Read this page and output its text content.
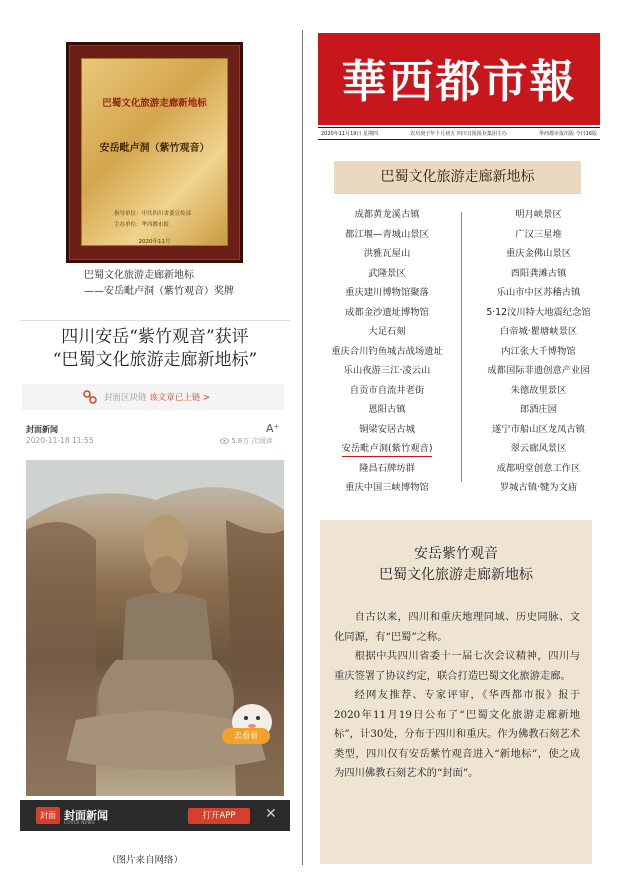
巴蜀文化旅游走廊新地标
安岳毗卢洞（紫竹观音）
指导单位：中共四川省委宣传部
主办单位：华西都市报
2020年11月
巴蜀文化旅游走廊新地标
——安岳毗卢洞（紫竹观音）奖牌
四川安岳“紫竹观音”获评
“巴蜀文化旅游走廊新地标”
封面区块链 该文章已上链 >
封面新闻
2020-11-18 11:55	5.8万 次阅读
A⁺
去看看
封面 封面新闻
COVER NEWS
打开APP	✕
（图片来自网络）
華西都市報
2020年11月19日 星期四	农历庚子年十月初五 四川日报报业集团主办	华西都市报出版 今日16版
巴蜀文化旅游走廊新地标
成都黄龙溪古镇
都江堰—青城山景区
洪雅瓦屋山
武隆景区
重庆建川博物馆聚落
成都金沙遗址博物馆
大足石刻
重庆合川钓鱼城古战场遗址
乐山夜游三江·凌云山
自贡市自流井老街
恩阳古镇
铜梁安居古城
安岳毗卢洞(紫竹观音)
隆昌石牌坊群
重庆中国三峡博物馆
明月峡景区
广汉三星堆
重庆金佛山景区
酉阳龚滩古镇
乐山市中区苏稽古镇
5·12汶川特大地震纪念馆
白帝城·瞿塘峡景区
内江张大千博物馆
成都国际非遗创意产业园
朱德故里景区
郎酒庄园
遂宁市船山区龙凤古镇
翠云廊风景区
成都明堂创意工作区
罗城古镇·犍为文庙
安岳紫竹观音
巴蜀文化旅游走廊新地标

自古以来，四川和重庆地理同域、历史同脉、文化同源，有“巴蜀”之称。

根据中共四川省委十一届七次会议精神，四川与重庆签署了协议约定，联合打造巴蜀文化旅游走廊。

经网友推荐、专家评审，《华西都市报》报于2020年11月19日公布了“巴蜀文化旅游走廊新地标”，计30处，分布于四川和重庆。作为佛教石刻艺术类型，四川仅有安岳紫竹观音进入“新地标”，使之成为四川佛教石刻艺术的“封面”。
